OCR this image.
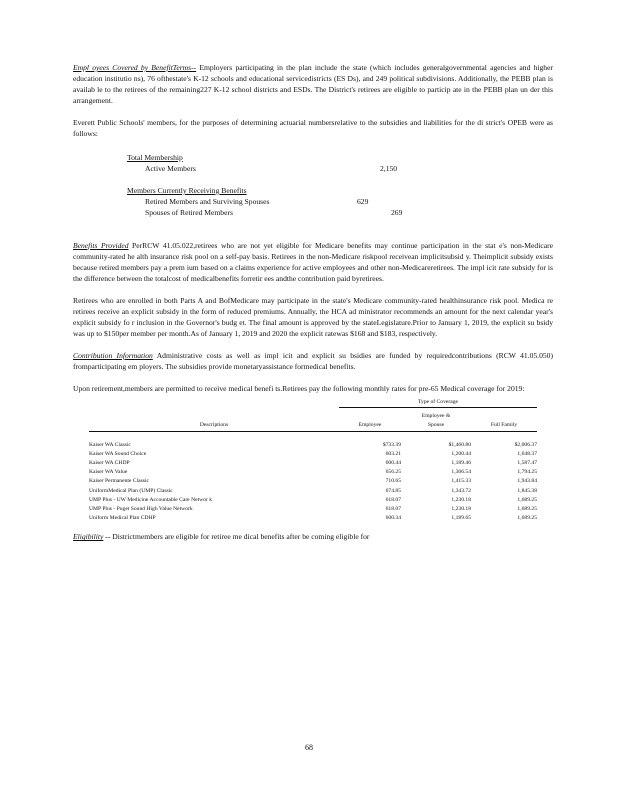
Empl oyees Covered by BenefitTerms-- Employers participating in the plan include the state (which includes generalgovernmental agencies and higher education institutio ns), 76 ofthestate's K-12 schools and educational servicedistricts (ES Ds), and 249 political subdivisions. Additionally, the PEBB plan is availab le to the retirees of the remaining227 K-12 school districts and ESDs. The District's retirees are eligible to particip ate in the PEBB plan un der this arrangement.

Everett Public Schools' members, for the purposes of determining actuarial numbersrelative to the subsidies and liabilities for the di strict's OPEB were as follows:

Total Membership
Active Members	2,150
Members Currently Receiving Benefits
Retired Members and Surviving Spouses	629
Spouses of Retired Members	269

Benefits Provided PerRCW 41.05.022,retirees who are not yet eligible for Medicare benefits may continue participation in the stat e's non-Medicare community-rated he alth insurance risk pool on a self-pay basis. Retirees in the non-Medicare riskpool receivean implicitsubsid y. Theimplicit subsidy exists because retired members pay a prem ium based on a claims experience for active employees and other non-Medicareretirees. The impl icit rate subsidy for is the difference between the totalcost of medicalbenefits forretir ees andthe contribution paid byretirees.

Retirees who are enrolled in both Parts A and BofMedicare may participate in the state's Medicare community-rated healthinsurance risk pool. Medica re retirees receive an explicit subsidy in the form of reduced premiums. Annually, the HCA ad ministrator recommends an amount for the next calendar year's explicit subsidy fo r inclusion in the Governor's budg et. The final amount is approved by the stateLegislature.Prior to January 1, 2019, the explicit su bsidy was up to $150per member per month.As of January 1, 2019 and 2020 the explicit ratewas $168 and $183, respectively.

Contribution Information Administrative costs as well as impl icit and explicit su bsidies are funded by requiredcontributions (RCW 41.05.050) fromparticipating em ployers. The subsidies provide monetaryassistance formedical benefits.

Upon retirement,members are permitted to receive medical benefi ts.Retirees pay the following monthly rates for pre-65 Medical coverage for 2019:

	Type of Coverage		
		Employee &	
Descriptions	Employee	Spouse	Full Family

Kaiser WA Classic	$733.39	$1,460.80	$2,006.37
Kaiser WA Sound Choice	603.21	1,200.44	1,648.37
Kaiser WA CHDP	600.44	1,189.46	1,587.47
Kaiser WA Value	656.25	1,306.54	1,794.25
Kaiser Permanente Classic	710.65	1,415.33	1,943.84
UniformMedical Plan (UMP) Classic	674.85	1,343.72	1,845.38
UMP Plus - UW Medicine Accountable Care Networ k	618.07	1,230.18	1,689.25
UMP Plus - Puget Sound High Value Network	618.07	1,230.18	1,689.25
Uniform Medical Plan CDHP	600.34	1,189.65	1,689.25

Eligibility -- Districtmembers are eligible for retiree me dical benefits after be coming eligible for

68
